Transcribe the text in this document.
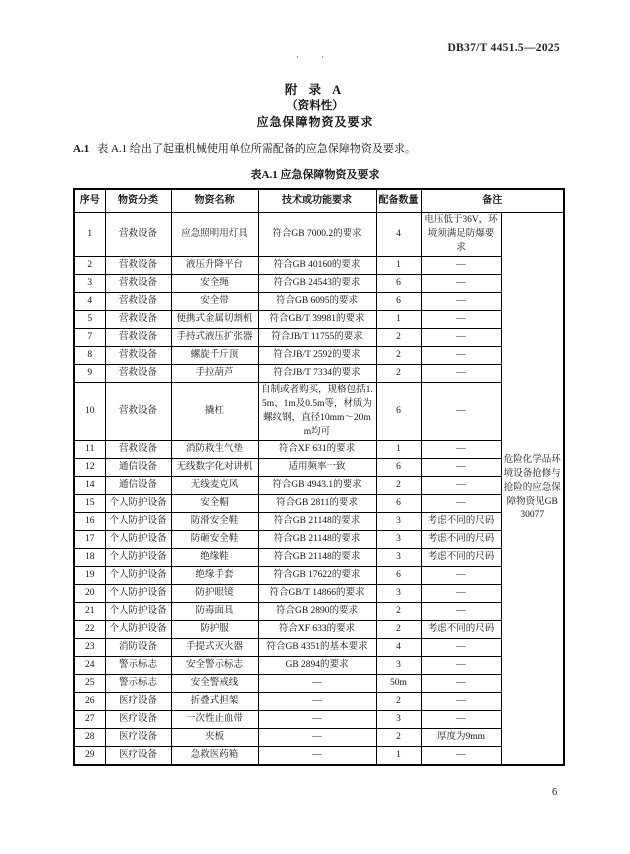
DB37/T 4451.5—2025
· ·
附 录 A
（资料性）
应急保障物资及要求
A.1 表 A.1 给出了起重机械使用单位所需配备的应急保障物资及要求。
表A.1 应急保障物资及要求
序号	物资分类	物资名称	技术或功能要求	配备数量	备注	
1	营救设备	应急照明用灯具	符合GB 7000.2的要求	4	电压低于36V，环境须满足防爆要求	危险化学品环境设备抢修与抢险的应急保障物资见GB 30077
2	营救设备	液压升降平台	符合GB 40160的要求	1	—	
3	营救设备	安全绳	符合GB 24543的要求	6	—	
4	营救设备	安全带	符合GB 6095的要求	6	—	
5	营救设备	便携式金属切割机	符合GB/T 39981的要求	1	—	
7	营救设备	手持式液压扩张器	符合JB/T 11755的要求	2	—	
8	营救设备	螺旋千斤顶	符合JB/T 2592的要求	2	—	
9	营救设备	手拉葫芦	符合JB/T 7334的要求	2	—	
10	营救设备	撬杠	自制或者购买，规格包括1.5m、1m及0.5m等，材质为螺纹钢，直径10mm～20mm均可	6	—	
11	营救设备	消防救生气垫	符合XF 631的要求	1	—	
12	通信设备	无线数字化对讲机	适用频率一致	6	—	
14	通信设备	无线麦克风	符合GB 4943.1的要求	2	—	
15	个人防护设备	安全帽	符合GB 2811的要求	6	—	
16	个人防护设备	防滑安全鞋	符合GB 21148的要求	3	考虑不同的尺码	
17	个人防护设备	防砸安全鞋	符合GB 21148的要求	3	考虑不同的尺码	
18	个人防护设备	绝缘鞋	符合GB 21148的要求	3	考虑不同的尺码	
19	个人防护设备	绝缘手套	符合GB 17622的要求	6	—	
20	个人防护设备	防护眼镜	符合GB/T 14866的要求	3	—	
21	个人防护设备	防毒面具	符合GB 2890的要求	2	—	
22	个人防护设备	防护服	符合XF 633的要求	2	考虑不同的尺码	
23	消防设备	手提式灭火器	符合GB 4351的基本要求	4	—	
24	警示标志	安全警示标志	GB 2894的要求	3	—	
25	警示标志	安全警戒线	—	50m	—	
26	医疗设备	折叠式担架	—	2	—	
27	医疗设备	一次性止血带	—	3	—	
28	医疗设备	夹板	—	2	厚度为9mm	
29	医疗设备	急救医药箱	—	1	—	
6
